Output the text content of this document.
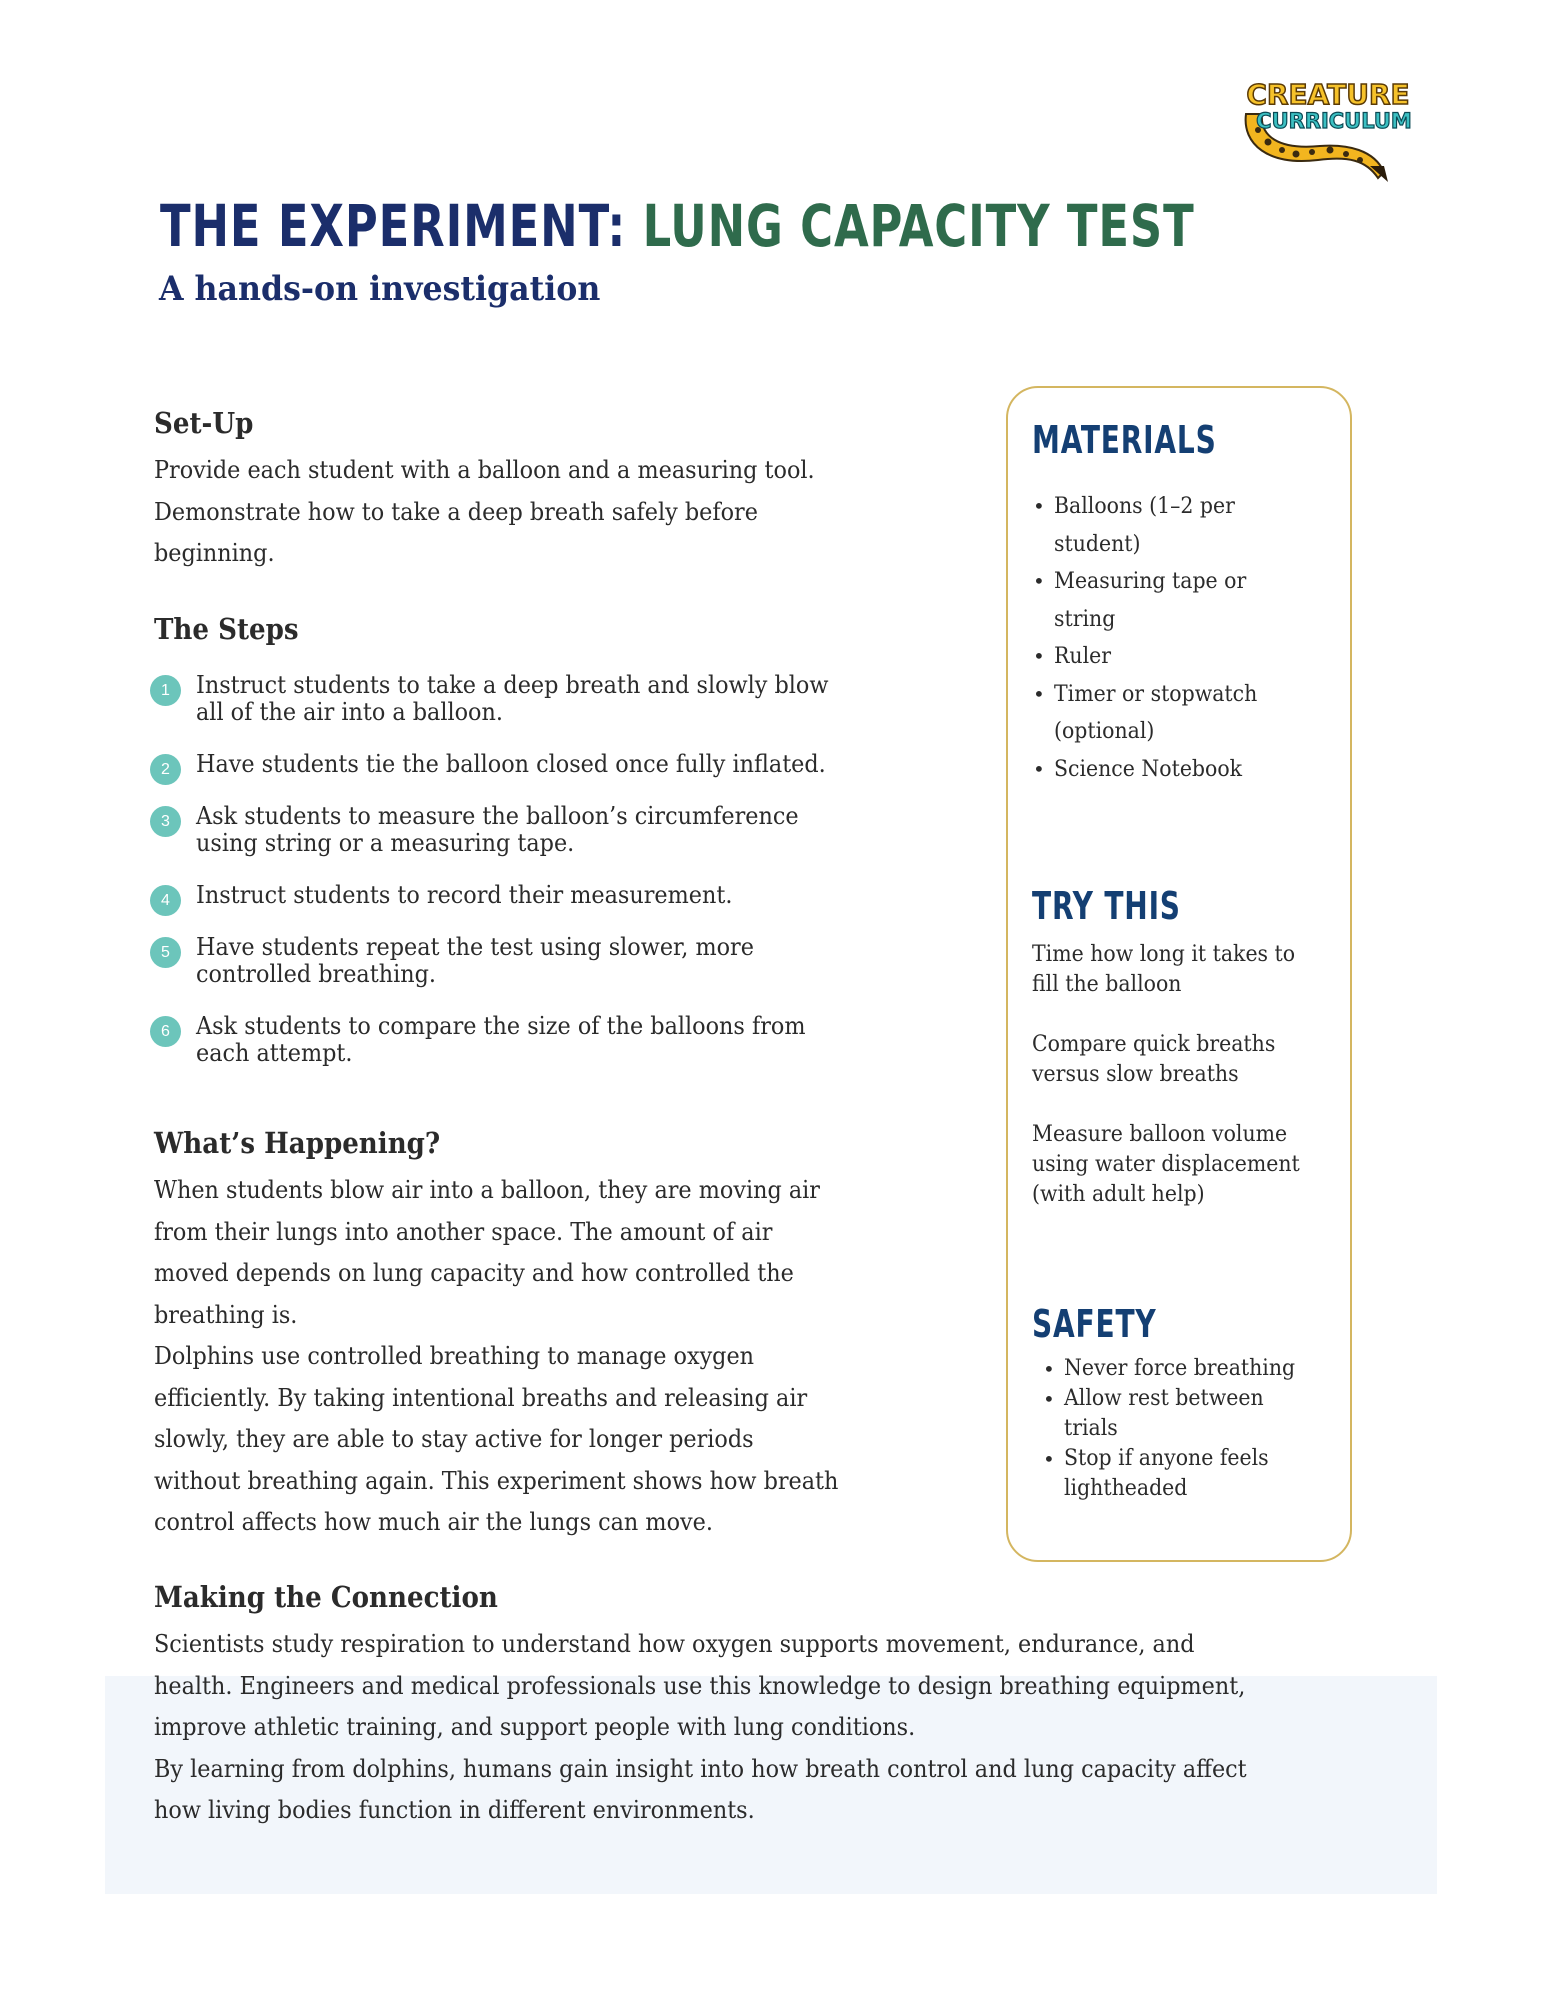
CREATURE
CURRICULUM
THE EXPERIMENT: LUNG CAPACITY TEST
A hands-on investigation
Set-Up

Provide each student with a balloon and a measuring tool.

Demonstrate how to take a deep breath safely before

beginning.

The Steps
1	Instruct students to take a deep breath and slowly blow
all of the air into a balloon.
2	Have students tie the balloon closed once fully inflated.
3	Ask students to measure the balloon’s circumference
using string or a measuring tape.
4	Instruct students to record their measurement.
5	Have students repeat the test using slower, more
controlled breathing.
6	Ask students to compare the size of the balloons from
each attempt.
What’s Happening?

When students blow air into a balloon, they are moving air

from their lungs into another space. The amount of air

moved depends on lung capacity and how controlled the

breathing is.

Dolphins use controlled breathing to manage oxygen

efficiently. By taking intentional breaths and releasing air

slowly, they are able to stay active for longer periods

without breathing again. This experiment shows how breath

control affects how much air the lungs can move.

Making the Connection

Scientists study respiration to understand how oxygen supports movement, endurance, and

health. Engineers and medical professionals use this knowledge to design breathing equipment,

improve athletic training, and support people with lung conditions.

By learning from dolphins, humans gain insight into how breath control and lung capacity affect

how living bodies function in different environments.

MATERIALS
• Balloons (1–2 per
student)
• Measuring tape or
string
• Ruler
• Timer or stopwatch
(optional)
• Science Notebook
TRY THIS
Time how long it takes to
fill the balloon
Compare quick breaths
versus slow breaths
Measure balloon volume
using water displacement
(with adult help)
SAFETY
• Never force breathing
• Allow rest between
trials
• Stop if anyone feels
lightheaded
